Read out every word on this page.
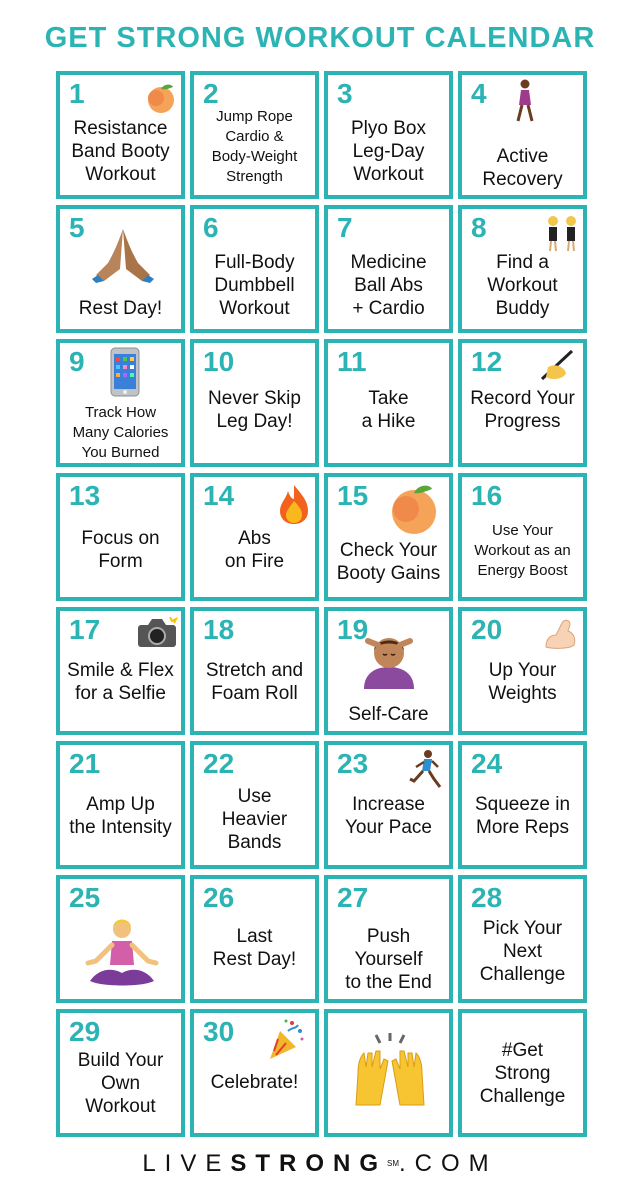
GET STRONG WORKOUT CALENDAR
1
Resistance
Band Booty
Workout
2
Jump Rope
Cardio &
Body-Weight
Strength
3
Plyo Box
Leg-Day
Workout
4
Active
Recovery
5
Rest Day!
6
Full-Body
Dumbbell
Workout
7
Medicine
Ball Abs
+ Cardio
8
Find a
Workout
Buddy
9
Track How
Many Calories
You Burned
10
Never Skip
Leg Day!
11
Take
a Hike
12
Record Your
Progress
13
Focus on
Form
14
Abs
on Fire
15
Check Your
Booty Gains
16
Use Your
Workout as an
Energy Boost
17
Smile & Flex
for a Selfie
18
Stretch and
Foam Roll
19
Self-Care
20
Up Your
Weights
21
Amp Up
the Intensity
22
Use
Heavier
Bands
23
Increase
Your Pace
24
Squeeze in
More Reps
25	26
Last
Rest Day!
27
Push Yourself
to the End
28
Pick Your
Next
Challenge
29
Build Your
Own
Workout
30
Celebrate!
#Get
Strong
Challenge
LIVESTRONG℠.COM
